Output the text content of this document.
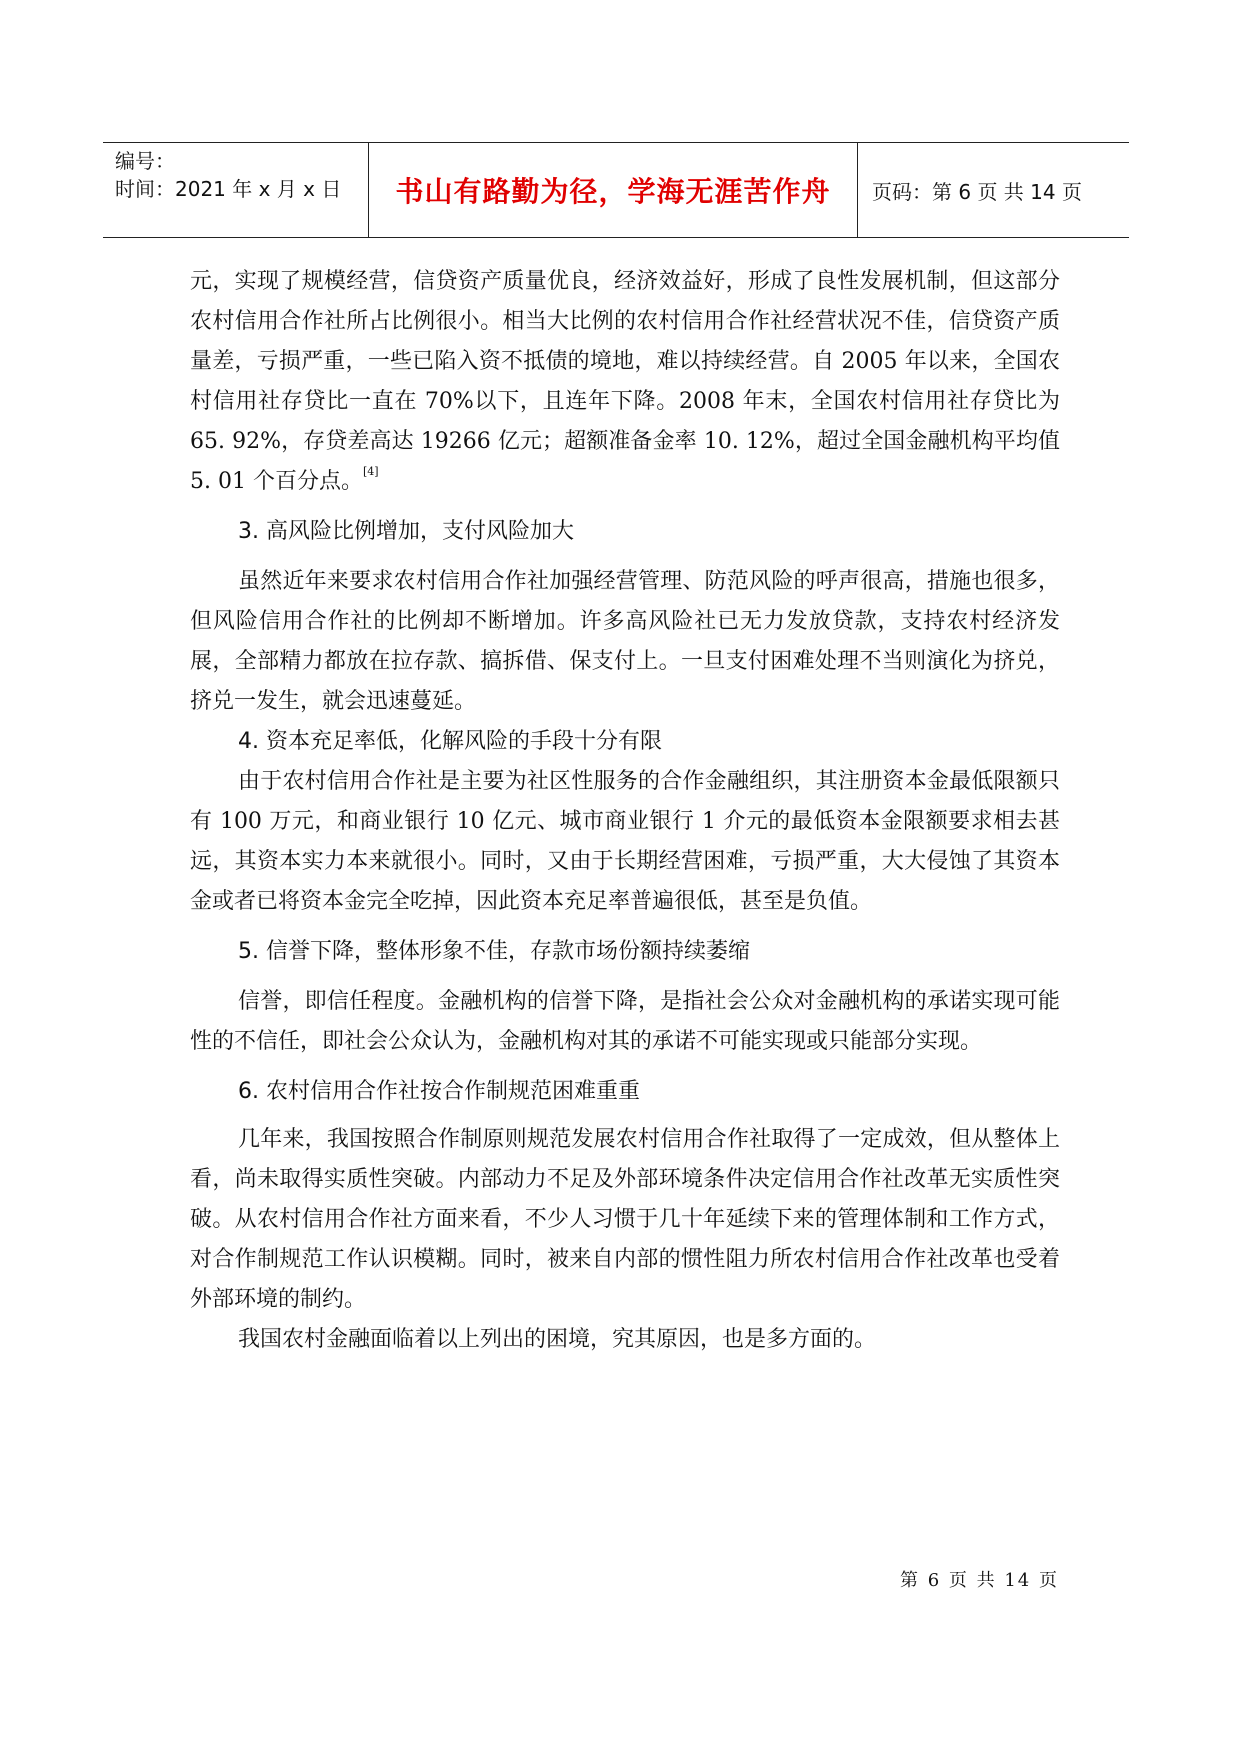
编号：
时间：2021 年 x 月 x 日	书山有路勤为径，学海无涯苦作舟	页码：第 6 页 共 14 页

元，实现了规模经营，信贷资产质量优良，经济效益好，形成了良性发展机制，但这部分农村信用合作社所占比例很小。相当大比例的农村信用合作社经营状况不佳，信贷资产质量差，亏损严重，一些已陷入资不抵债的境地，难以持续经营。自 2005 年以来，全国农村信用社存贷比一直在 70%以下，且连年下降。2008 年末，全国农村信用社存贷比为 65. 92%，存贷差高达 19266 亿元；超额准备金率 10. 12%，超过全国金融机构平均值 5. 01 个百分点。[4]

3. 高风险比例增加，支付风险加大

虽然近年来要求农村信用合作社加强经营管理、防范风险的呼声很高，措施也很多，但风险信用合作社的比例却不断增加。许多高风险社已无力发放贷款，支持农村经济发展，全部精力都放在拉存款、搞拆借、保支付上。一旦支付困难处理不当则演化为挤兑，挤兑一发生，就会迅速蔓延。

4. 资本充足率低，化解风险的手段十分有限

由于农村信用合作社是主要为社区性服务的合作金融组织，其注册资本金最低限额只有 100 万元，和商业银行 10 亿元、城市商业银行 1 介元的最低资本金限额要求相去甚远，其资本实力本来就很小。同时，又由于长期经营困难，亏损严重，大大侵蚀了其资本金或者已将资本金完全吃掉，因此资本充足率普遍很低，甚至是负值。

5. 信誉下降，整体形象不佳，存款市场份额持续萎缩

信誉，即信任程度。金融机构的信誉下降，是指社会公众对金融机构的承诺实现可能性的不信任，即社会公众认为，金融机构对其的承诺不可能实现或只能部分实现。

6. 农村信用合作社按合作制规范困难重重

几年来，我国按照合作制原则规范发展农村信用合作社取得了一定成效，但从整体上看，尚未取得实质性突破。内部动力不足及外部环境条件决定信用合作社改革无实质性突破。从农村信用合作社方面来看，不少人习惯于几十年延续下来的管理体制和工作方式，对合作制规范工作认识模糊。同时，被来自内部的惯性阻力所农村信用合作社改革也受着外部环境的制约。

我国农村金融面临着以上列出的困境，究其原因，也是多方面的。

第 6 页 共 14 页
